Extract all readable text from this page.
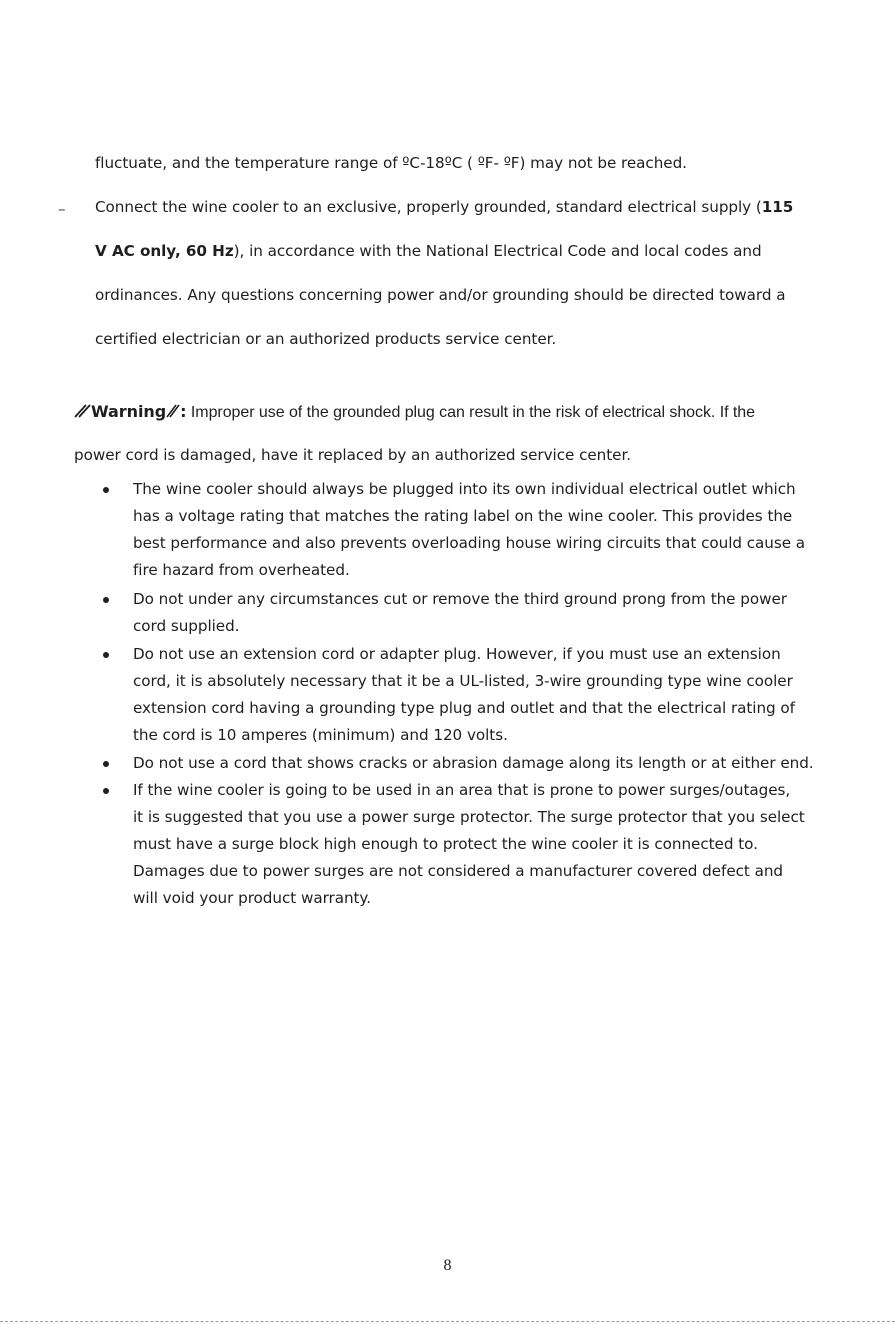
fluctuate, and the temperature range of ºC-18ºC ( ºF- ºF) may not be reached.
– Connect the wine cooler to an exclusive, properly grounded, standard electrical supply (115
V AC only, 60 Hz), in accordance with the National Electrical Code and local codes and
ordinances. Any questions concerning power and/or grounding should be directed toward a
certified electrician or an authorized products service center.
Warning : Improper use of the grounded plug can result in the risk of electrical shock. If the
power cord is damaged, have it replaced by an authorized service center.
The wine cooler should always be plugged into its own individual electrical outlet which
has a voltage rating that matches the rating label on the wine cooler. This provides the
best performance and also prevents overloading house wiring circuits that could cause a
fire hazard from overheated.
Do not under any circumstances cut or remove the third ground prong from the power
cord supplied.
Do not use an extension cord or adapter plug. However, if you must use an extension
cord, it is absolutely necessary that it be a UL-listed, 3-wire grounding type wine cooler
extension cord having a grounding type plug and outlet and that the electrical rating of
the cord is 10 amperes (minimum) and 120 volts.
Do not use a cord that shows cracks or abrasion damage along its length or at either end.
If the wine cooler is going to be used in an area that is prone to power surges/outages,
it is suggested that you use a power surge protector. The surge protector that you select
must have a surge block high enough to protect the wine cooler it is connected to.
Damages due to power surges are not considered a manufacturer covered defect and
will void your product warranty.
8
